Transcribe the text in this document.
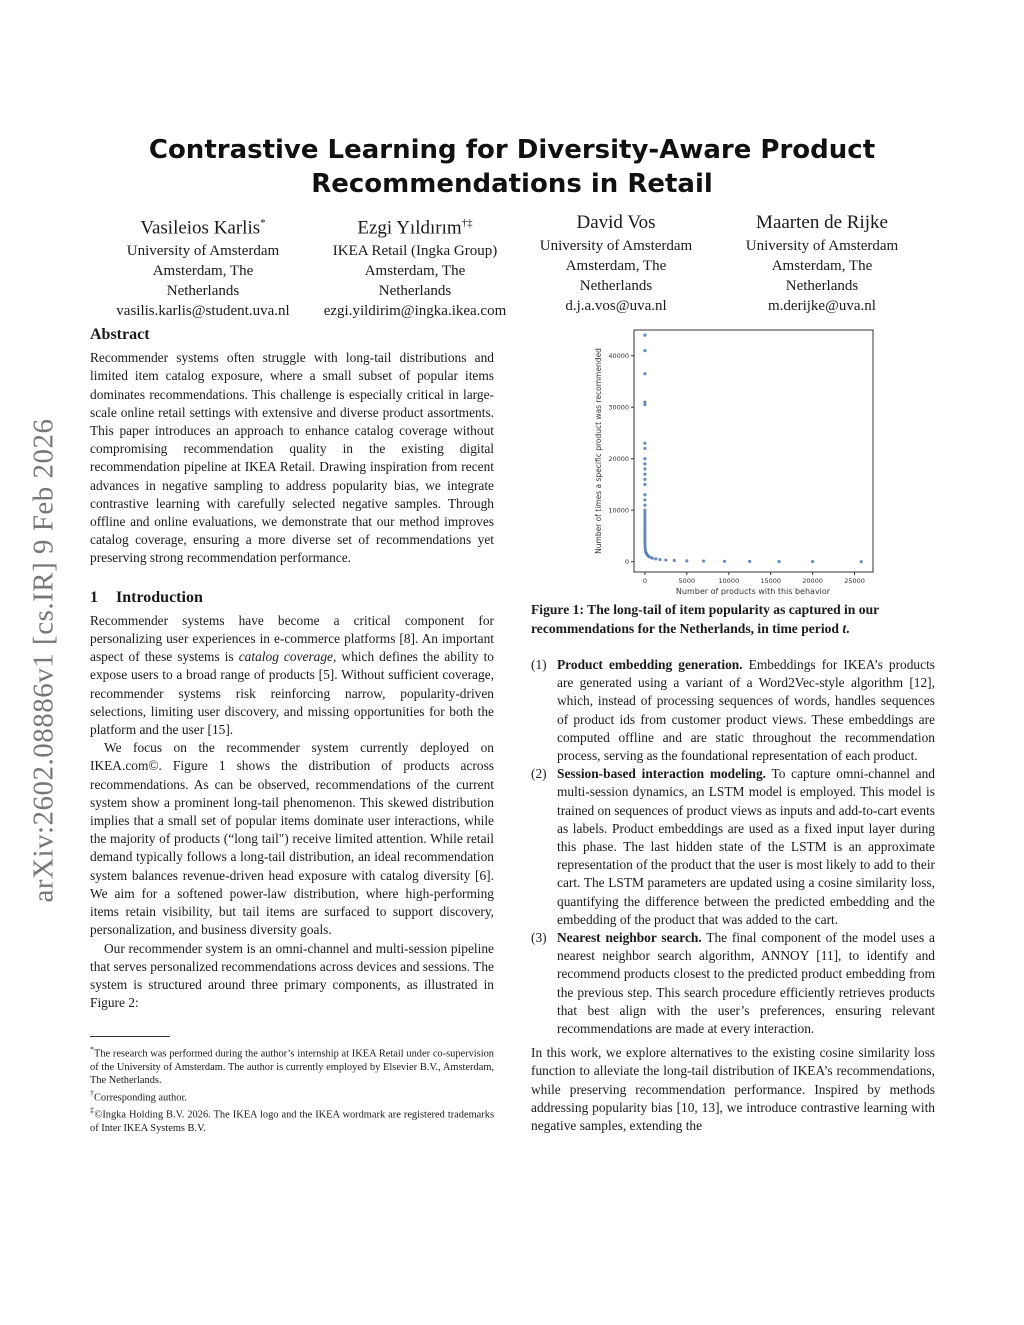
arXiv:2602.08886v1 [cs.IR] 9 Feb 2026
Contrastive Learning for Diversity-Aware Product Recommendations in Retail
Vasileios Karlis*
University of Amsterdam
Amsterdam, The
Netherlands
vasilis.karlis@student.uva.nl
Ezgi Yıldırım†‡
IKEA Retail (Ingka Group)
Amsterdam, The
Netherlands
ezgi.yildirim@ingka.ikea.com
David Vos
University of Amsterdam
Amsterdam, The
Netherlands
d.j.a.vos@uva.nl
Maarten de Rijke
University of Amsterdam
Amsterdam, The
Netherlands
m.derijke@uva.nl
Abstract

Recommender systems often struggle with long-tail distributions and limited item catalog exposure, where a small subset of popular items dominates recommendations. This challenge is especially critical in large-scale online retail settings with extensive and diverse product assortments. This paper introduces an approach to enhance catalog coverage without compromising recommendation quality in the existing digital recommendation pipeline at IKEA Retail. Drawing inspiration from recent advances in negative sampling to address popularity bias, we integrate contrastive learning with carefully selected negative samples. Through offline and online evaluations, we demonstrate that our method improves catalog coverage, ensuring a more diverse set of recommendations yet preserving strong recommendation performance.

1 Introduction

Recommender systems have become a critical component for personalizing user experiences in e-commerce platforms [8]. An important aspect of these systems is catalog coverage, which defines the ability to expose users to a broad range of products [5]. Without sufficient coverage, recommender systems risk reinforcing narrow, popularity-driven selections, limiting user discovery, and missing opportunities for both the platform and the user [15].

We focus on the recommender system currently deployed on IKEA.com©. Figure 1 shows the distribution of products across recommendations. As can be observed, recommendations of the current system show a prominent long-tail phenomenon. This skewed distribution implies that a small set of popular items dominate user interactions, while the majority of products (“long tail") receive limited attention. While retail demand typically follows a long-tail distribution, an ideal recommendation system balances revenue-driven head exposure with catalog diversity [6]. We aim for a softened power-law distribution, where high-performing items retain visibility, but tail items are surfaced to support discovery, personalization, and business diversity goals.

Our recommender system is an omni-channel and multi-session pipeline that serves personalized recommendations across devices and sessions. The system is structured around three primary components, as illustrated in Figure 2:

*The research was performed during the author’s internship at IKEA Retail under co-supervision of the University of Amsterdam. The author is currently employed by Elsevier B.V., Amsterdam, The Netherlands.

†Corresponding author.

‡©Ingka Holding B.V. 2026. The IKEA logo and the IKEA wordmark are registered trademarks of Inter IKEA Systems B.V.

0
10000
20000
30000
40000
0	5000	10000	15000	20000	25000
Number of products with this behavior
Number of times a specific product was recommended

Figure 1: The long-tail of item popularity as captured in our recommendations for the Netherlands, in time period t.

(1) Product embedding generation. Embeddings for IKEA’s products are generated using a variant of a Word2Vec-style algorithm [12], which, instead of processing sequences of words, handles sequences of product ids from customer product views. These embeddings are computed offline and are static throughout the recommendation process, serving as the foundational representation of each product.
(2) Session-based interaction modeling. To capture omni-channel and multi-session dynamics, an LSTM model is employed. This model is trained on sequences of product views as inputs and add-to-cart events as labels. Product embeddings are used as a fixed input layer during this phase. The last hidden state of the LSTM is an approximate representation of the product that the user is most likely to add to their cart. The LSTM parameters are updated using a cosine similarity loss, quantifying the difference between the predicted embedding and the embedding of the product that was added to the cart.
(3) Nearest neighbor search. The final component of the model uses a nearest neighbor search algorithm, ANNOY [11], to identify and recommend products closest to the predicted product embedding from the previous step. This search procedure efficiently retrieves products that best align with the user’s preferences, ensuring relevant recommendations are made at every interaction.

In this work, we explore alternatives to the existing cosine similarity loss function to alleviate the long-tail distribution of IKEA’s recommendations, while preserving recommendation performance. Inspired by methods addressing popularity bias [10, 13], we introduce contrastive learning with negative samples, extending the
